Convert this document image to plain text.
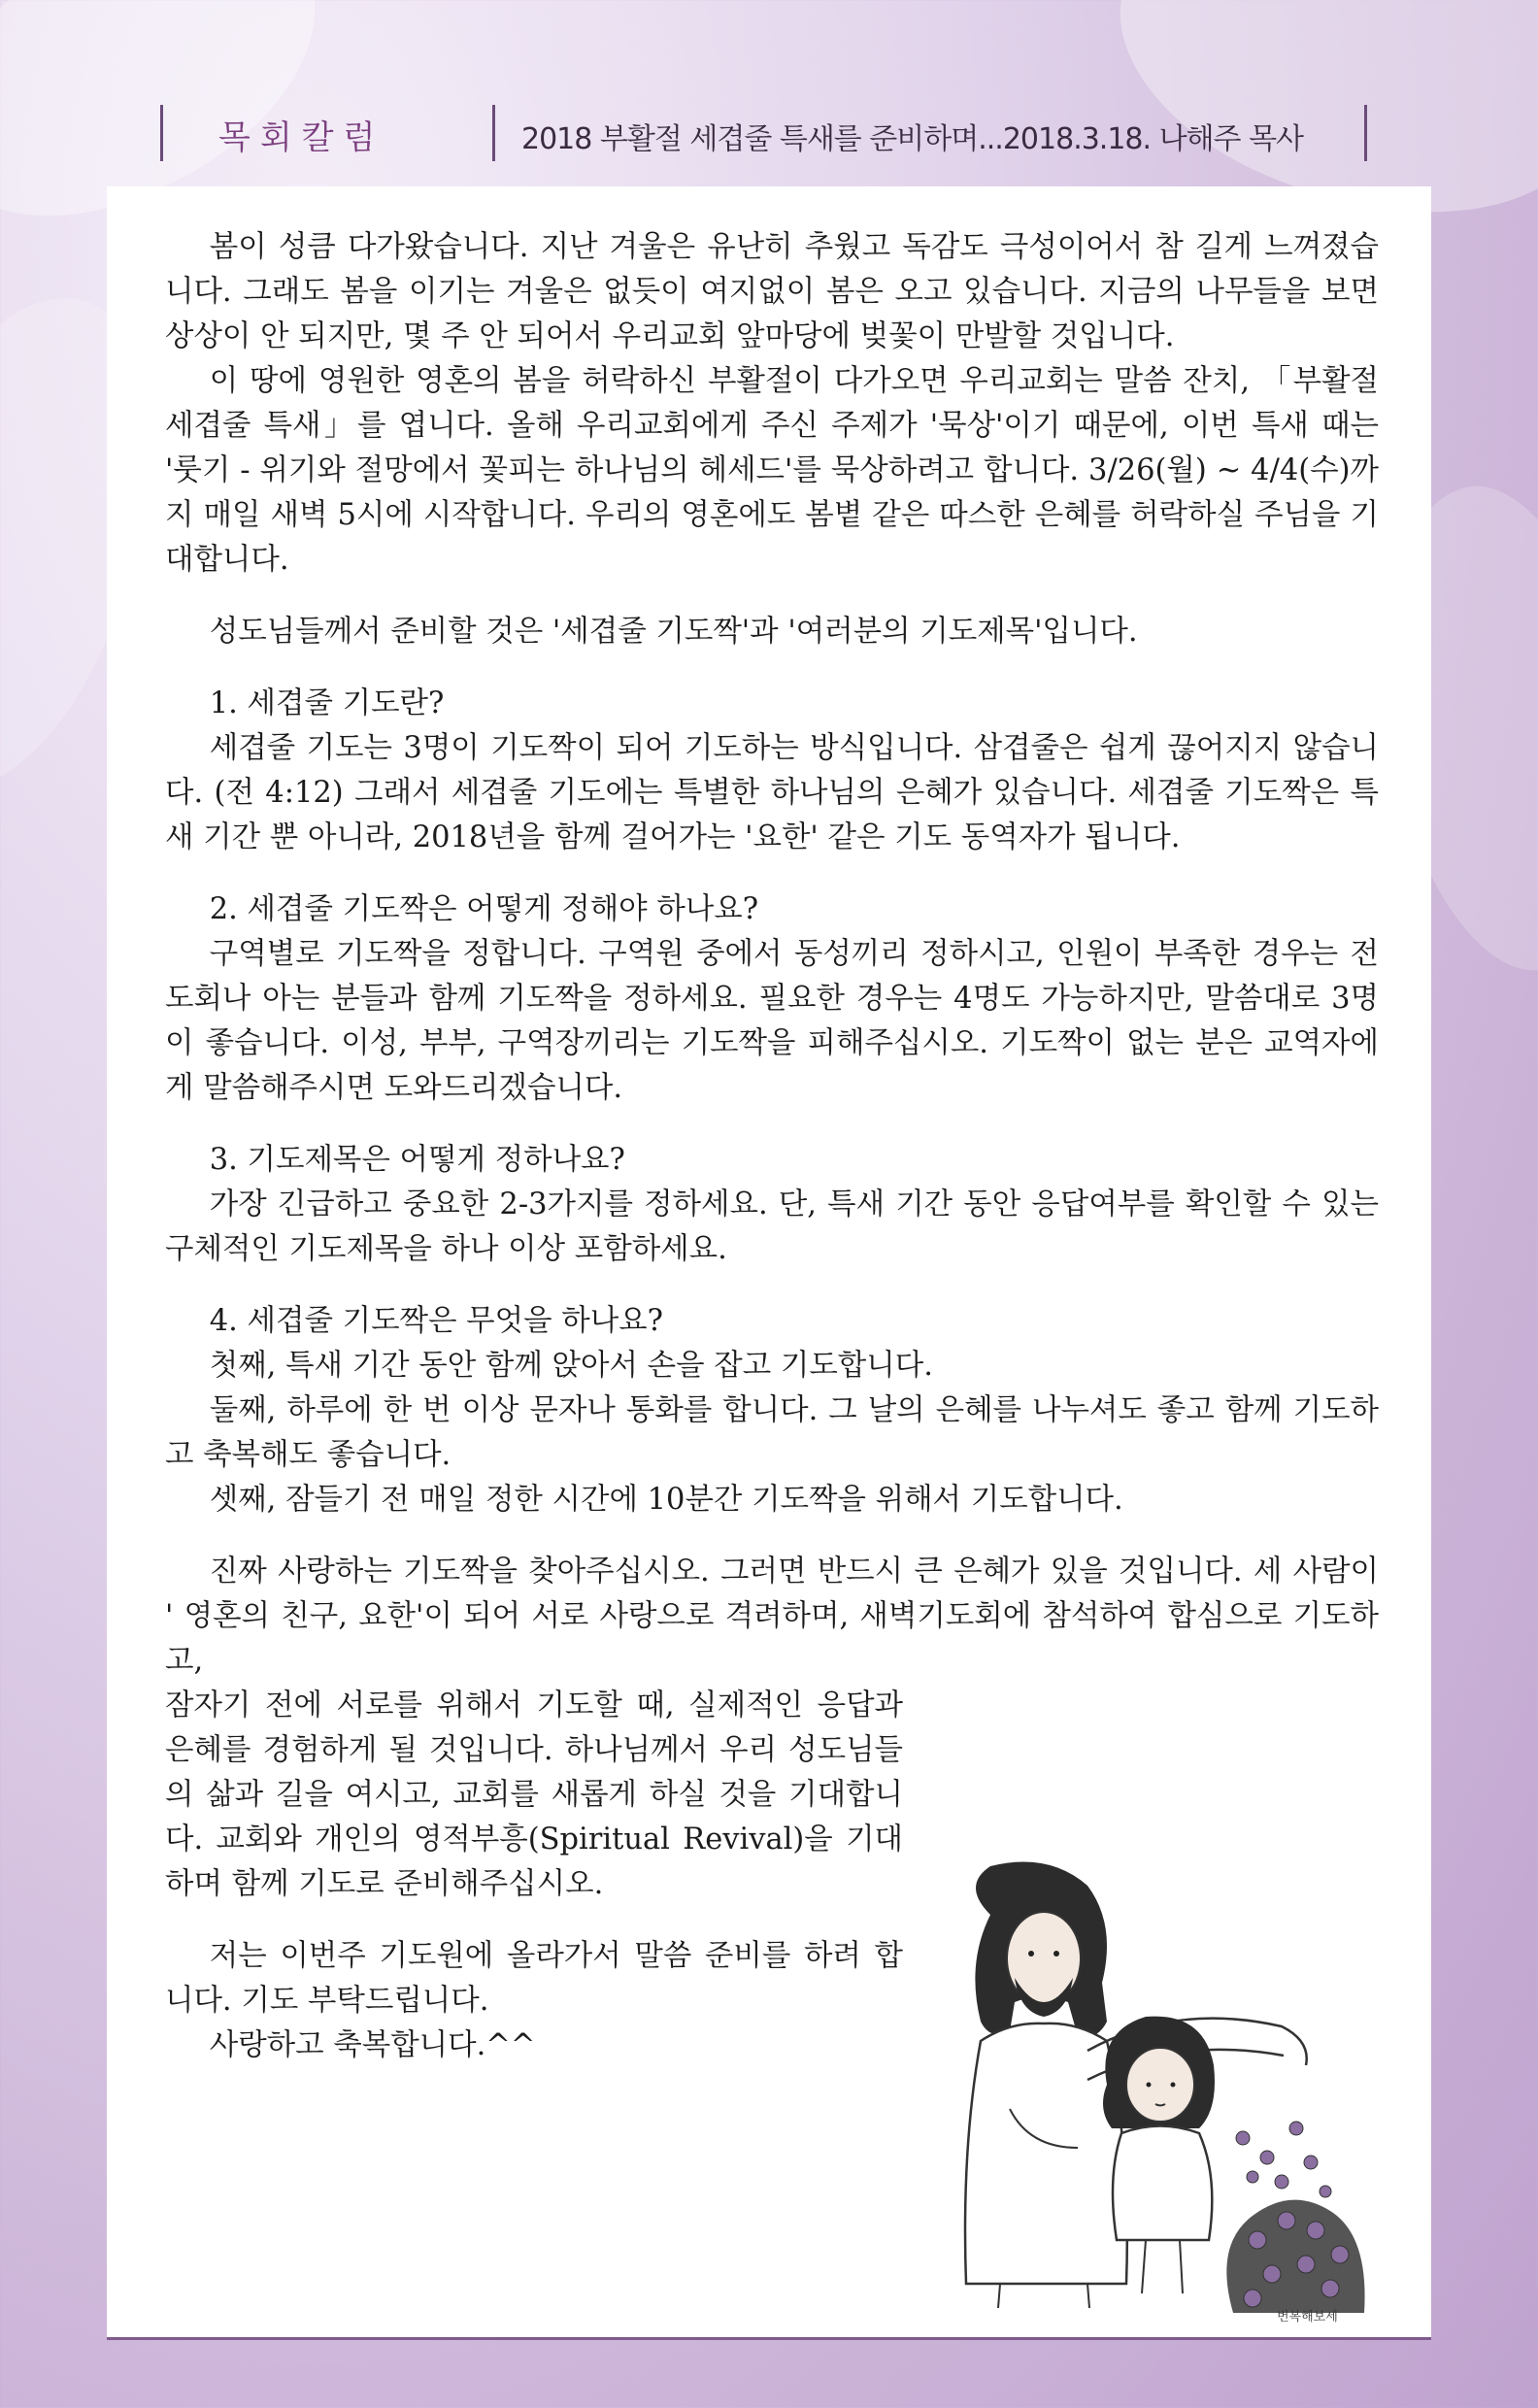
목회칼럼	2018 부활절 세겹줄 특새를 준비하며...2018.3.18. 나해주 목사

봄이 성큼 다가왔습니다. 지난 겨울은 유난히 추웠고 독감도 극성이어서 참 길게 느껴졌습니다. 그래도 봄을 이기는 겨울은 없듯이 여지없이 봄은 오고 있습니다. 지금의 나무들을 보면 상상이 안 되지만, 몇 주 안 되어서 우리교회 앞마당에 벚꽃이 만발할 것입니다.

이 땅에 영원한 영혼의 봄을 허락하신 부활절이 다가오면 우리교회는 말씀 잔치, 「부활절 세겹줄 특새」를 엽니다. 올해 우리교회에게 주신 주제가 '묵상'이기 때문에, 이번 특새 때는 '룻기 - 위기와 절망에서 꽃피는 하나님의 헤세드'를 묵상하려고 합니다. 3/26(월) ~ 4/4(수)까지 매일 새벽 5시에 시작합니다. 우리의 영혼에도 봄볕 같은 따스한 은혜를 허락하실 주님을 기대합니다.

성도님들께서 준비할 것은 '세겹줄 기도짝'과 '여러분의 기도제목'입니다.

1. 세겹줄 기도란?

세겹줄 기도는 3명이 기도짝이 되어 기도하는 방식입니다. 삼겹줄은 쉽게 끊어지지 않습니다. (전 4:12) 그래서 세겹줄 기도에는 특별한 하나님의 은혜가 있습니다. 세겹줄 기도짝은 특새 기간 뿐 아니라, 2018년을 함께 걸어가는 '요한' 같은 기도 동역자가 됩니다.

2. 세겹줄 기도짝은 어떻게 정해야 하나요?

구역별로 기도짝을 정합니다. 구역원 중에서 동성끼리 정하시고, 인원이 부족한 경우는 전도회나 아는 분들과 함께 기도짝을 정하세요. 필요한 경우는 4명도 가능하지만, 말씀대로 3명이 좋습니다. 이성, 부부, 구역장끼리는 기도짝을 피해주십시오. 기도짝이 없는 분은 교역자에게 말씀해주시면 도와드리겠습니다.

3. 기도제목은 어떻게 정하나요?

가장 긴급하고 중요한 2-3가지를 정하세요. 단, 특새 기간 동안 응답여부를 확인할 수 있는 구체적인 기도제목을 하나 이상 포함하세요.

4. 세겹줄 기도짝은 무엇을 하나요?

첫째, 특새 기간 동안 함께 앉아서 손을 잡고 기도합니다.

둘째, 하루에 한 번 이상 문자나 통화를 합니다. 그 날의 은혜를 나누셔도 좋고 함께 기도하고 축복해도 좋습니다.

셋째, 잠들기 전 매일 정한 시간에 10분간 기도짝을 위해서 기도합니다.

진짜 사랑하는 기도짝을 찾아주십시오. 그러면 반드시 큰 은혜가 있을 것입니다. 세 사람이 ' 영혼의 친구, 요한'이 되어 서로 사랑으로 격려하며, 새벽기도회에 참석하여 합심으로 기도하고,

잠자기 전에 서로를 위해서 기도할 때, 실제적인 응답과 은혜를 경험하게 될 것입니다. 하나님께서 우리 성도님들의 삶과 길을 여시고, 교회를 새롭게 하실 것을 기대합니다. 교회와 개인의 영적부흥(Spiritual Revival)을 기대하며 함께 기도로 준비해주십시오.

저는 이번주 기도원에 올라가서 말씀 준비를 하려 합니다. 기도 부탁드립니다.

사랑하고 축복합니다.^^

번복해보세
